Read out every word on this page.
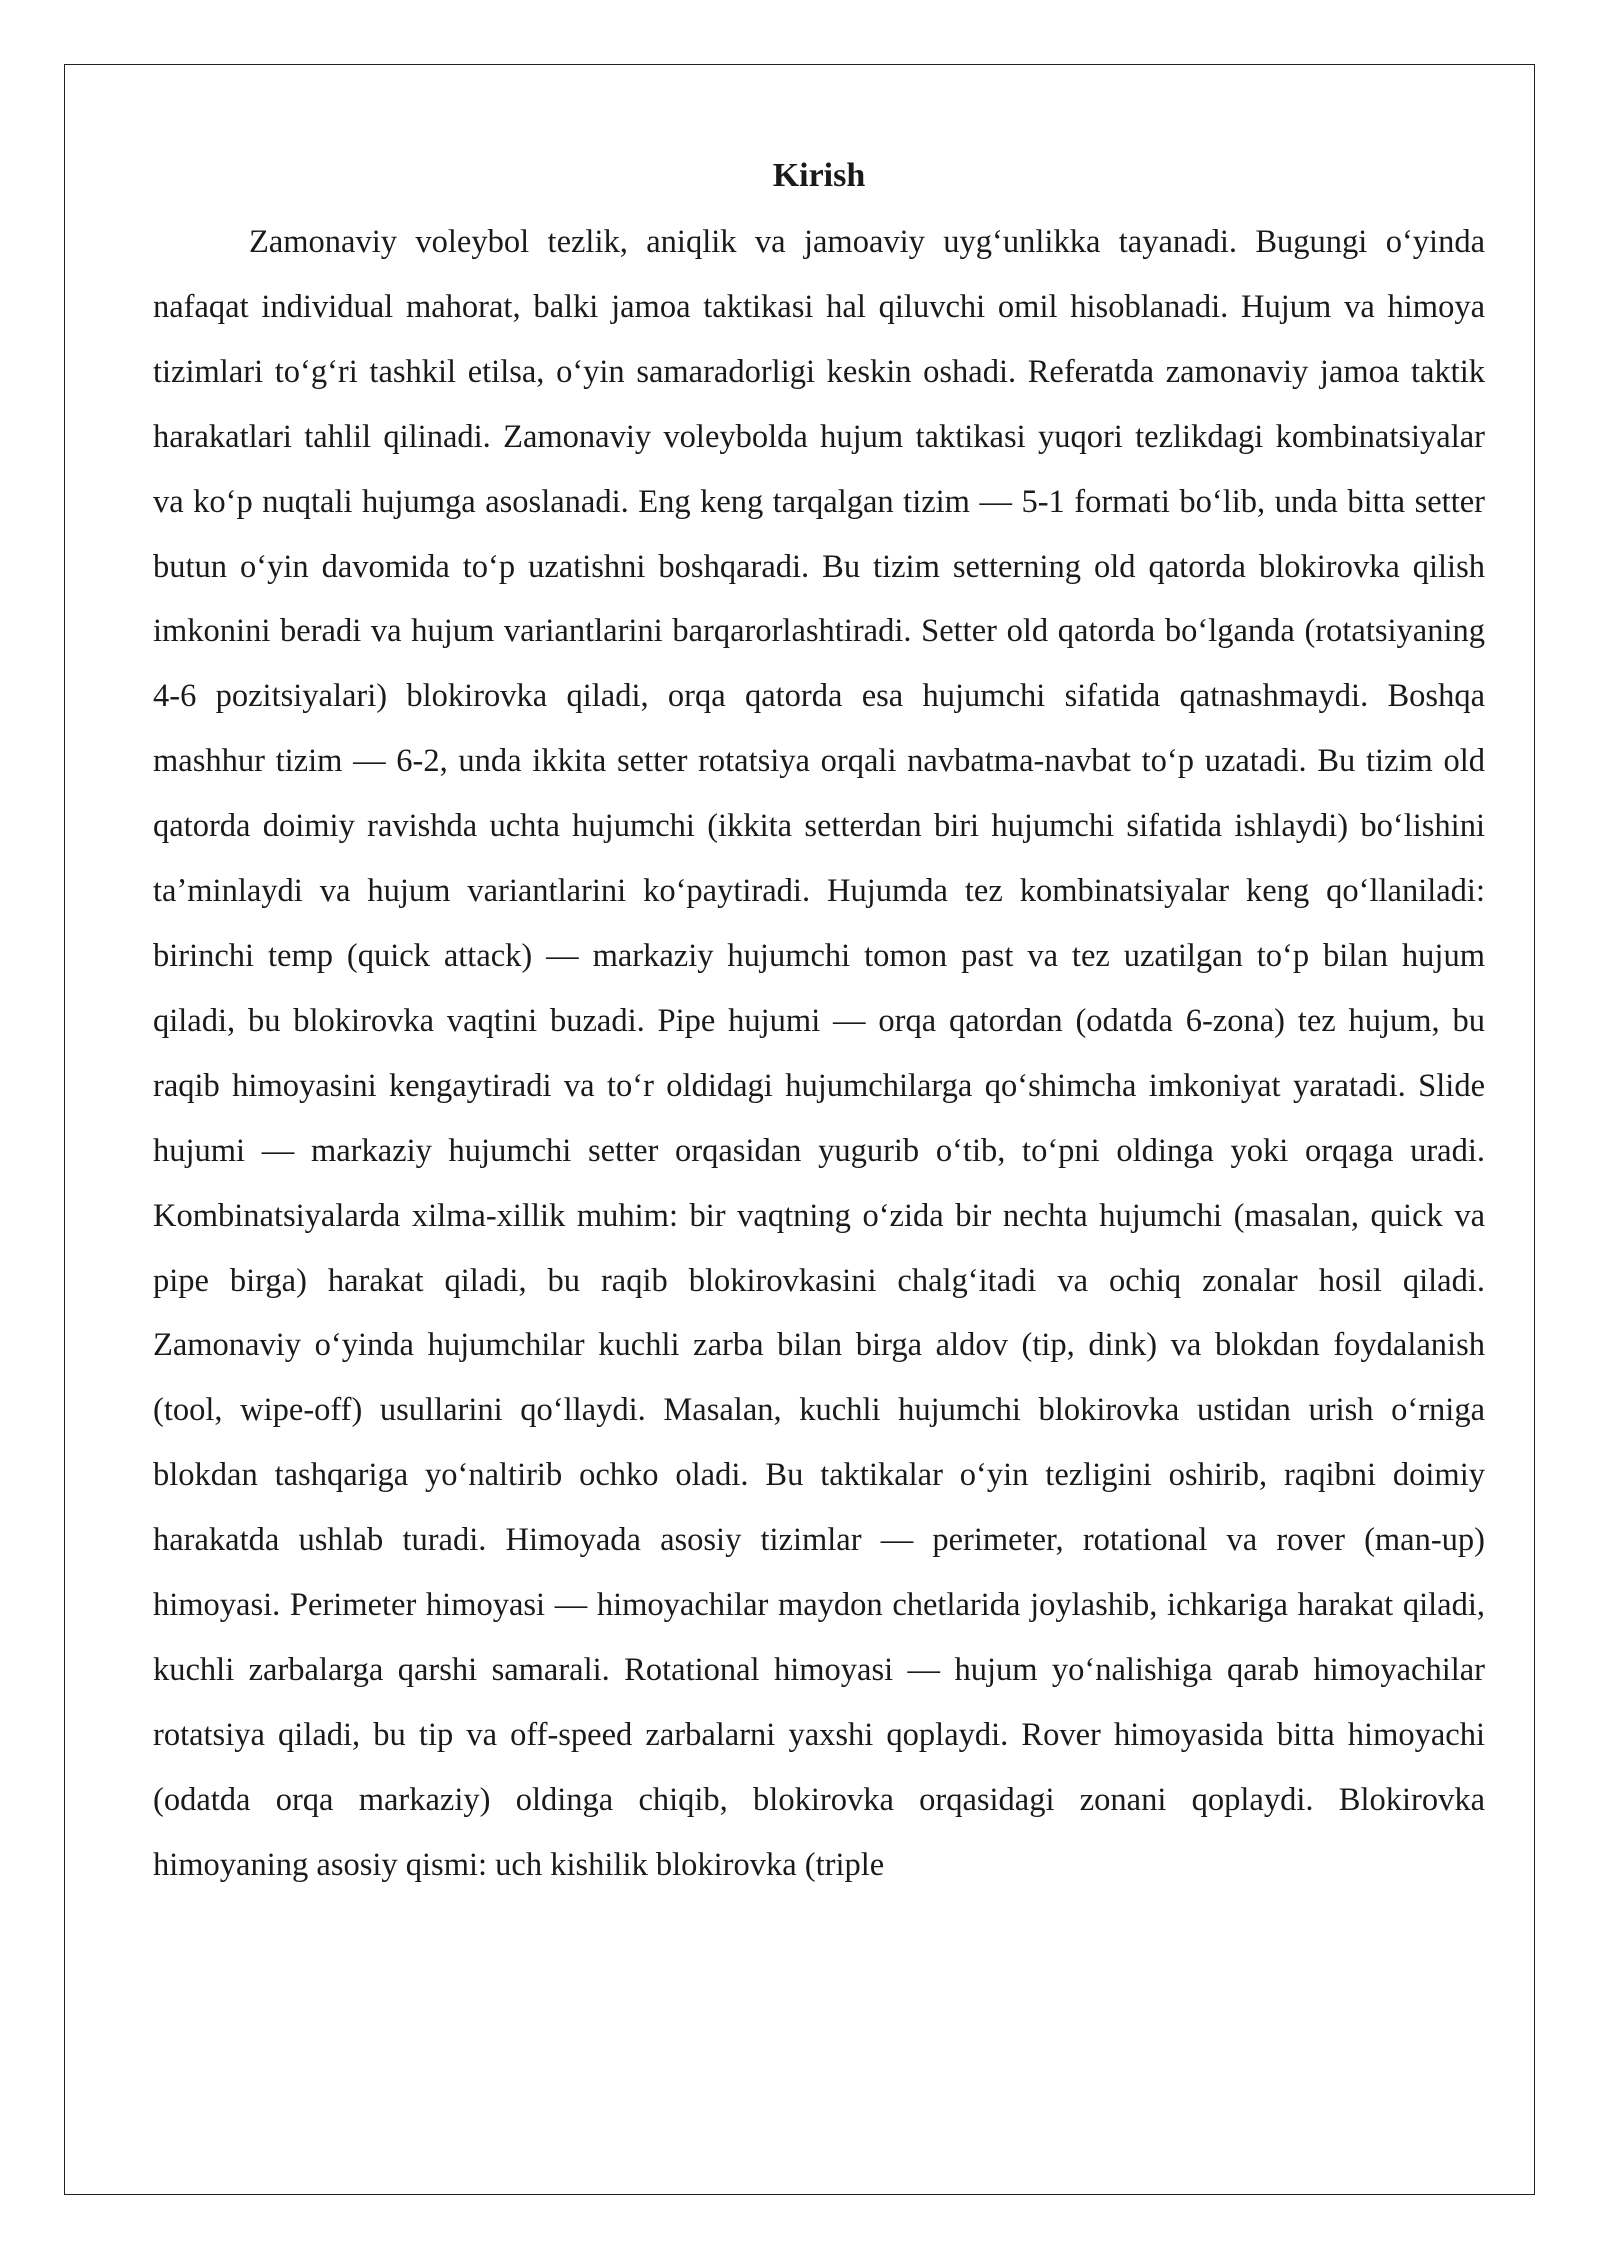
Kirish

Zamonaviy voleybol tezlik, aniqlik va jamoaviy uygʻunlikka tayanadi. Bugungi oʻyinda nafaqat individual mahorat, balki jamoa taktikasi hal qiluvchi omil hisoblanadi. Hujum va himoya tizimlari toʻgʻri tashkil etilsa, oʻyin samaradorligi keskin oshadi. Referatda zamonaviy jamoa taktik harakatlari tahlil qilinadi. Zamonaviy voleybolda hujum taktikasi yuqori tezlikdagi kombinatsiyalar va koʻp nuqtali hujumga asoslanadi. Eng keng tarqalgan tizim — 5-1 formati boʻlib, unda bitta setter butun oʻyin davomida toʻp uzatishni boshqaradi. Bu tizim setterning old qatorda blokirovka qilish imkonini beradi va hujum variantlarini barqarorlashtiradi. Setter old qatorda boʻlganda (rotatsiyaning 4-6 pozitsiyalari) blokirovka qiladi, orqa qatorda esa hujumchi sifatida qatnashmaydi. Boshqa mashhur tizim — 6-2, unda ikkita setter rotatsiya orqali navbatma-navbat toʻp uzatadi. Bu tizim old qatorda doimiy ravishda uchta hujumchi (ikkita setterdan biri hujumchi sifatida ishlaydi) boʻlishini taʼminlaydi va hujum variantlarini koʻpaytiradi. Hujumda tez kombinatsiyalar keng qoʻllaniladi: birinchi temp (quick attack) — markaziy hujumchi tomon past va tez uzatilgan toʻp bilan hujum qiladi, bu blokirovka vaqtini buzadi. Pipe hujumi — orqa qatordan (odatda 6-zona) tez hujum, bu raqib himoyasini kengaytiradi va toʻr oldidagi hujumchilarga qoʻshimcha imkoniyat yaratadi. Slide hujumi — markaziy hujumchi setter orqasidan yugurib oʻtib, toʻpni oldinga yoki orqaga uradi. Kombinatsiyalarda xilma-xillik muhim: bir vaqtning oʻzida bir nechta hujumchi (masalan, quick va pipe birga) harakat qiladi, bu raqib blokirovkasini chalgʻitadi va ochiq zonalar hosil qiladi. Zamonaviy oʻyinda hujumchilar kuchli zarba bilan birga aldov (tip, dink) va blokdan foydalanish (tool, wipe-off) usullarini qoʻllaydi. Masalan, kuchli hujumchi blokirovka ustidan urish oʻrniga blokdan tashqariga yoʻnaltirib ochko oladi. Bu taktikalar oʻyin tezligini oshirib, raqibni doimiy harakatda ushlab turadi. Himoyada asosiy tizimlar — perimeter, rotational va rover (man-up) himoyasi. Perimeter himoyasi — himoyachilar maydon chetlarida joylashib, ichkariga harakat qiladi, kuchli zarbalarga qarshi samarali. Rotational himoyasi — hujum yoʻnalishiga qarab himoyachilar rotatsiya qiladi, bu tip va off-speed zarbalarni yaxshi qoplaydi. Rover himoyasida bitta himoyachi (odatda orqa markaziy) oldinga chiqib, blokirovka orqasidagi zonani qoplaydi. Blokirovka himoyaning asosiy qismi: uch kishilik blokirovka (triple
